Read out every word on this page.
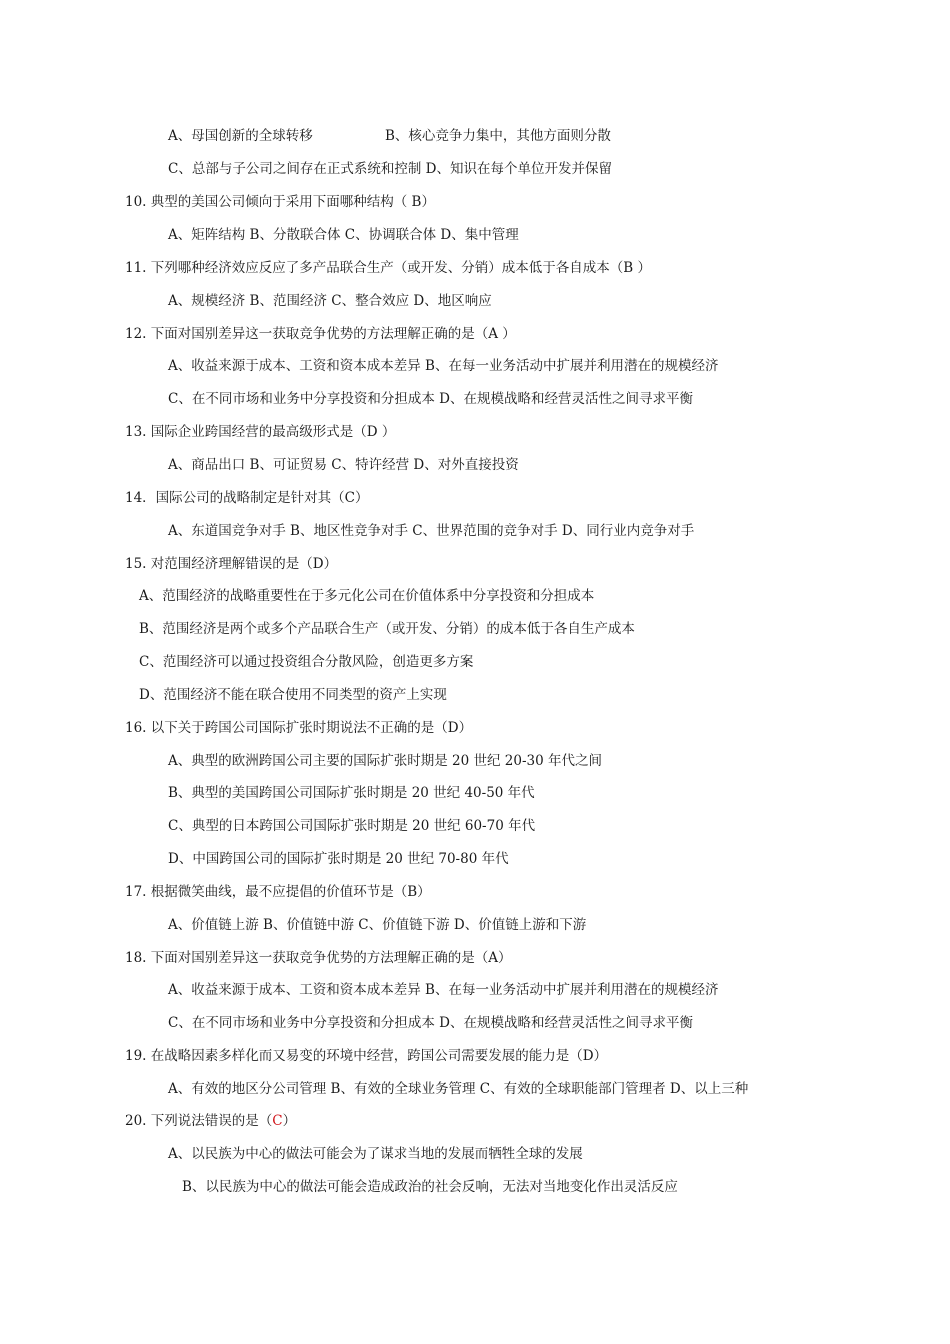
A、母国创新的全球转移	B、核心竞争力集中，其他方面则分散
C、总部与子公司之间存在正式系统和控制 D、知识在每个单位开发并保留
10. 典型的美国公司倾向于采用下面哪种结构（ B）
A、矩阵结构 B、分散联合体 C、协调联合体 D、集中管理
11. 下列哪种经济效应反应了多产品联合生产（或开发、分销）成本低于各自成本（B ）
A、规模经济 B、范围经济 C、整合效应 D、地区响应
12. 下面对国别差异这一获取竞争优势的方法理解正确的是（A ）
A、收益来源于成本、工资和资本成本差异 B、在每一业务活动中扩展并利用潜在的规模经济
C、在不同市场和业务中分享投资和分担成本 D、在规模战略和经营灵活性之间寻求平衡
13. 国际企业跨国经营的最高级形式是（D ）
A、商品出口 B、可证贸易 C、特许经营 D、对外直接投资
14．国际公司的战略制定是针对其（C）
A、东道国竞争对手 B、地区性竞争对手 C、世界范围的竞争对手 D、同行业内竞争对手
15. 对范围经济理解错误的是（D）
A、范围经济的战略重要性在于多元化公司在价值体系中分享投资和分担成本
B、范围经济是两个或多个产品联合生产（或开发、分销）的成本低于各自生产成本
C、范围经济可以通过投资组合分散风险，创造更多方案
D、范围经济不能在联合使用不同类型的资产上实现
16. 以下关于跨国公司国际扩张时期说法不正确的是（D）
A、典型的欧洲跨国公司主要的国际扩张时期是 20 世纪 20-30 年代之间
B、典型的美国跨国公司国际扩张时期是 20 世纪 40-50 年代
C、典型的日本跨国公司国际扩张时期是 20 世纪 60-70 年代
D、中国跨国公司的国际扩张时期是 20 世纪 70-80 年代
17. 根据微笑曲线，最不应提倡的价值环节是（B）
A、价值链上游 B、价值链中游 C、价值链下游 D、价值链上游和下游
18. 下面对国别差异这一获取竞争优势的方法理解正确的是（A）
A、收益来源于成本、工资和资本成本差异 B、在每一业务活动中扩展并利用潜在的规模经济
C、在不同市场和业务中分享投资和分担成本 D、在规模战略和经营灵活性之间寻求平衡
19. 在战略因素多样化而又易变的环境中经营，跨国公司需要发展的能力是（D）
A、有效的地区分公司管理 B、有效的全球业务管理 C、有效的全球职能部门管理者 D、以上三种
20. 下列说法错误的是（C）
A、以民族为中心的做法可能会为了谋求当地的发展而牺牲全球的发展
B、以民族为中心的做法可能会造成政治的社会反响，无法对当地变化作出灵活反应
